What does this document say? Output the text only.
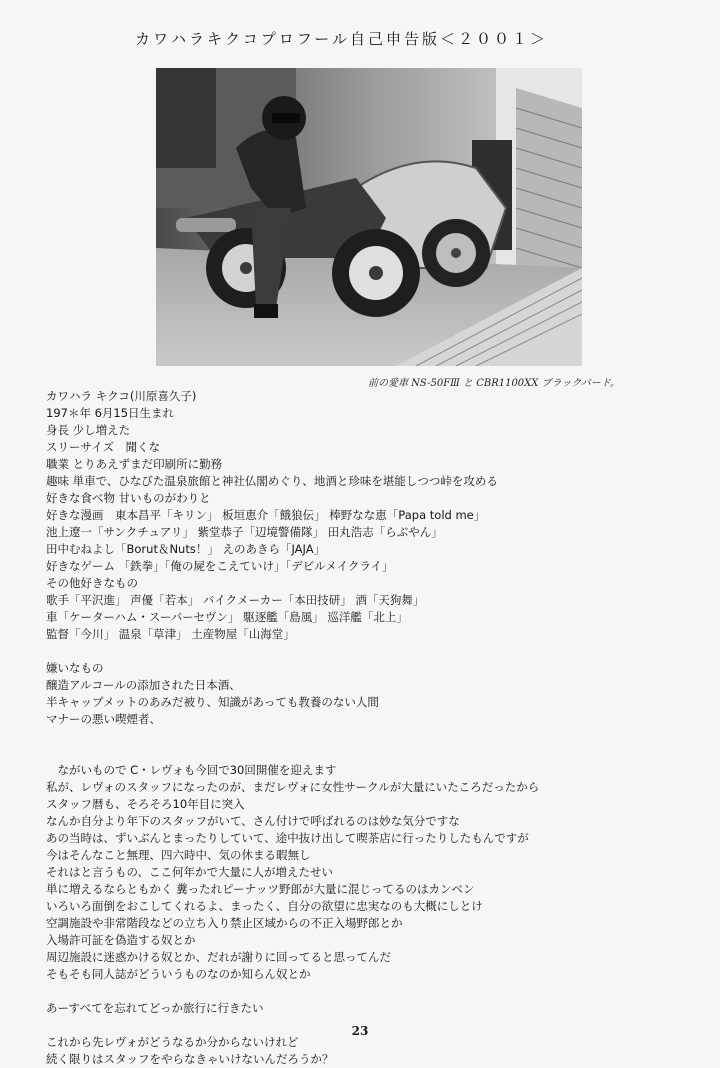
カワハラキクコプロフール自己申告版＜２００１＞
前の愛車 NS-50FⅢ と CBR1100XX ブラックバード。
カワハラ キクコ(川原喜久子)
197＊年 6月15日生まれ
身長 少し増えた
スリーサイズ　聞くな
職業 とりあえずまだ印刷所に勤務
趣味 単車で、ひなびた温泉旅館と神社仏閣めぐり、地酒と珍味を堪能しつつ峠を攻める
好きな食べ物 甘いものがわりと
好きな漫画　東本昌平「キリン」 板垣恵介「餓狼伝」 棒野なな恵「Papa told me」
池上遼一「サンクチュアリ」 紫堂恭子「辺境警備隊」 田丸浩志「らぶやん」
田中むねよし「Borut＆Nuts！」 えのあきら「JAJA」
好きなゲーム 「鉄拳」「俺の屍をこえていけ」「デビルメイクライ」
その他好きなもの
歌手「平沢進」 声優「若本」 バイクメーカー「本田技研」 酒「天狗舞」
車「ケーターハム・スーパーセヴン」 駆逐艦「島風」 巡洋艦「北上」
監督「今川」 温泉「草津」 土産物屋「山海堂」
嫌いなもの
醸造アルコールの添加された日本酒、
半キャップメットのあみだ被り、知識があっても教養のない人間
マナーの悪い喫煙者、
　ながいもので C・レヴォも今回で30回開催を迎えます
私が、レヴォのスタッフになったのが、まだレヴォに女性サークルが大量にいたころだったから
スタッフ暦も、そろそろ10年目に突入
なんか自分より年下のスタッフがいて、さん付けで呼ばれるのは妙な気分ですな
あの当時は、ずいぶんとまったりしていて、途中抜け出して喫茶店に行ったりしたもんですが
今はそんなこと無理、四六時中、気の休まる暇無し
それはと言うもの、ここ何年かで大量に人が増えたせい
単に増えるならともかく 糞ったれピーナッツ野郎が大量に混じってるのはカンベン
いろいろ面倒をおこしてくれるよ、まったく、自分の欲望に忠実なのも大概にしとけ
空調施設や非常階段などの立ち入り禁止区域からの不正入場野郎とか
入場許可証を偽造する奴とか
周辺施設に迷惑かける奴とか、だれが謝りに回ってると思ってんだ
そもそも同人誌がどういうものなのか知らん奴とか
あーすべてを忘れてどっか旅行に行きたい
これから先レヴォがどうなるか分からないけれど
続く限りはスタッフをやらなきゃいけないんだろうか？
23
